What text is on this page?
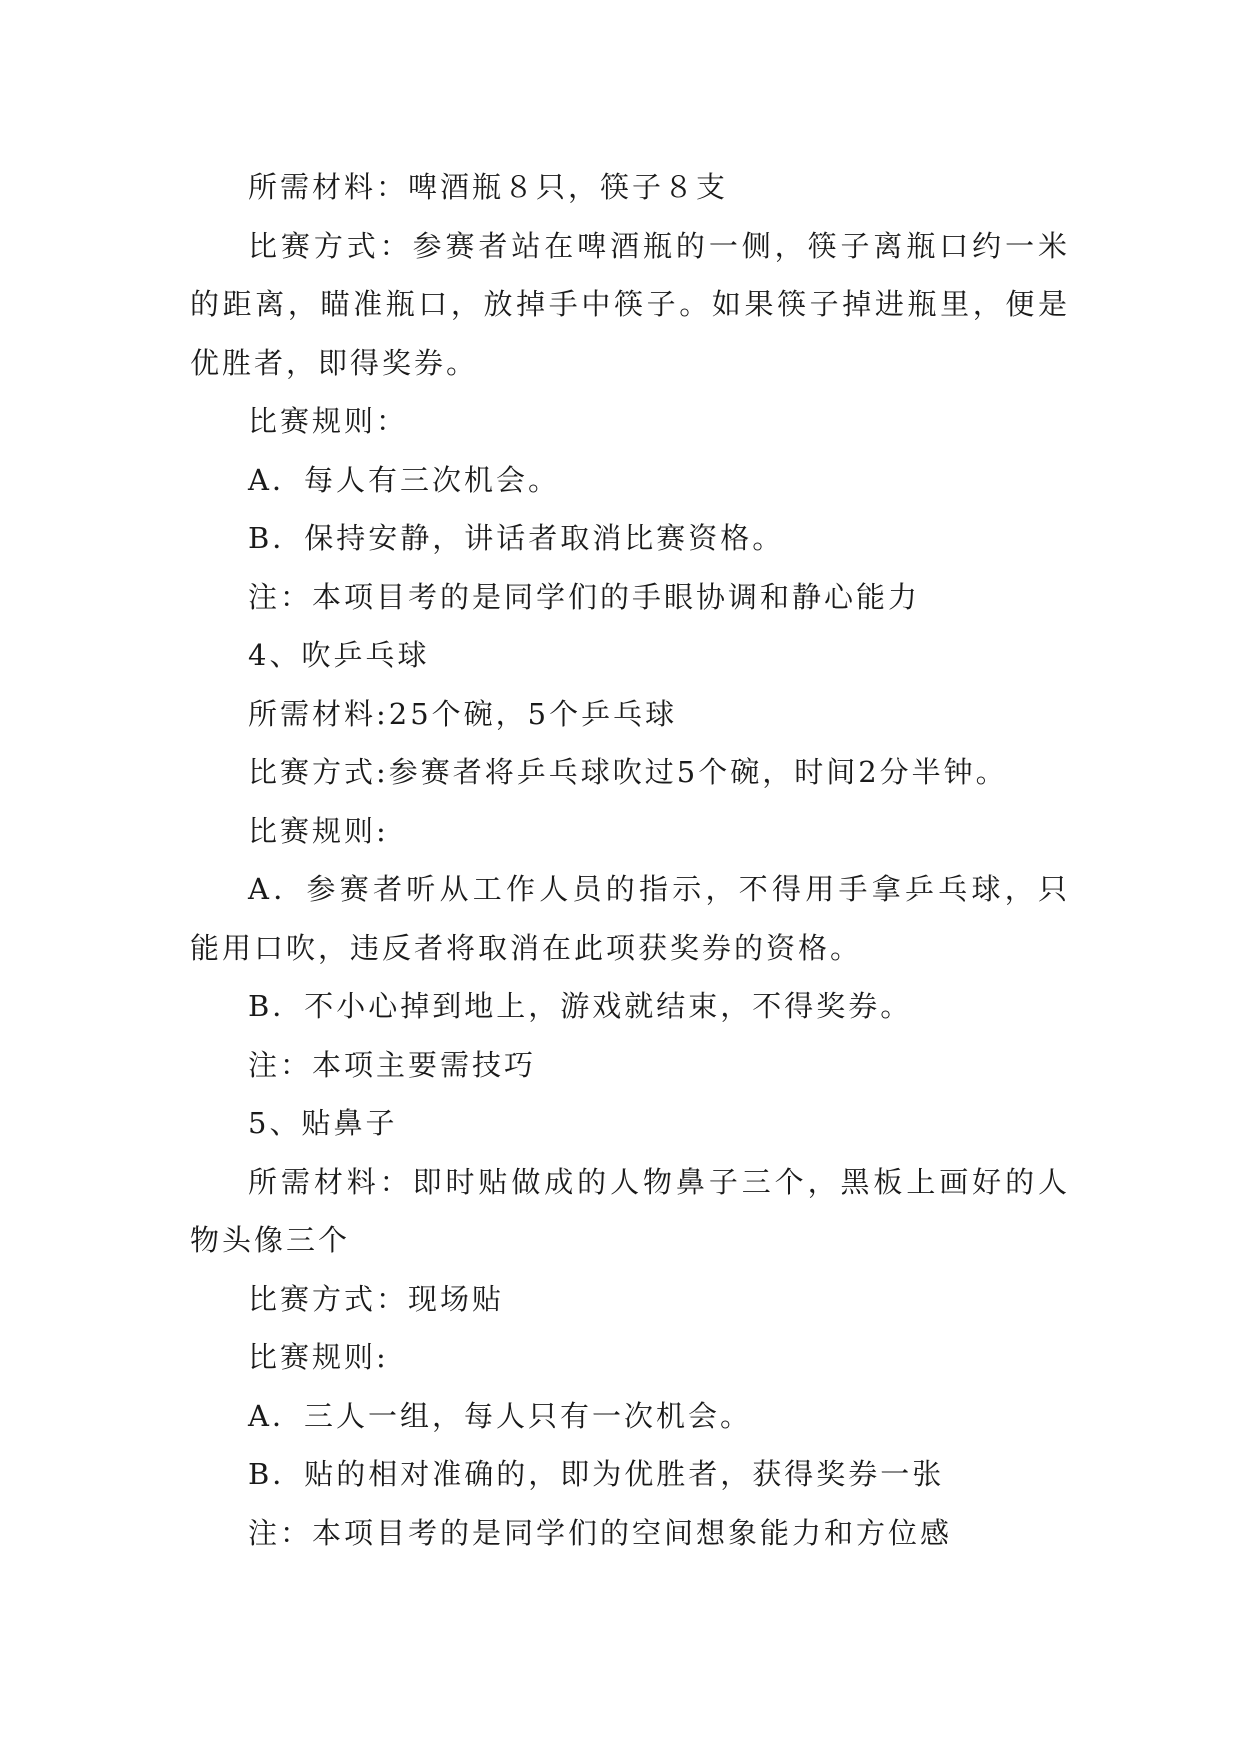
所需材料：啤酒瓶８只，筷子８支

比赛方式：参赛者站在啤酒瓶的一侧，筷子离瓶口约一米的距离，瞄准瓶口，放掉手中筷子。如果筷子掉进瓶里，便是优胜者，即得奖券。

比赛规则：

A．每人有三次机会。

B．保持安静，讲话者取消比赛资格。

注：本项目考的是同学们的手眼协调和静心能力

4、吹乒乓球

所需材料:25个碗，5个乒乓球

比赛方式:参赛者将乒乓球吹过5个碗，时间2分半钟。

比赛规则:

A．参赛者听从工作人员的指示，不得用手拿乒乓球，只能用口吹，违反者将取消在此项获奖券的资格。

B．不小心掉到地上，游戏就结束，不得奖券。

注：本项主要需技巧

5、贴鼻子

所需材料：即时贴做成的人物鼻子三个，黑板上画好的人物头像三个

比赛方式：现场贴

比赛规则:

A．三人一组，每人只有一次机会。

B．贴的相对准确的，即为优胜者，获得奖券一张

注：本项目考的是同学们的空间想象能力和方位感
